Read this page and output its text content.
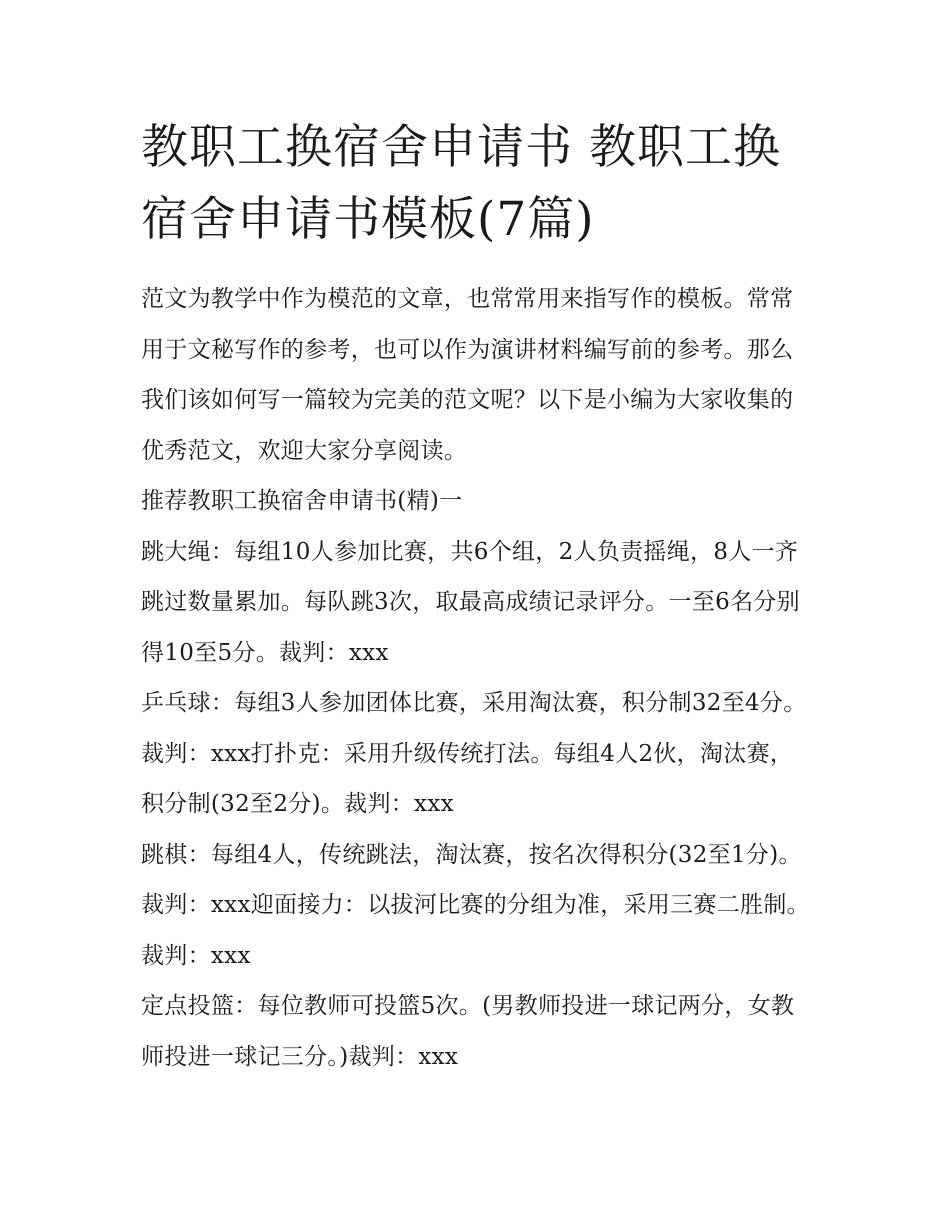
教职工换宿舍申请书 教职工换宿舍申请书模板(7篇)

范文为教学中作为模范的文章，也常常用来指写作的模板。常常用于文秘写作的参考，也可以作为演讲材料编写前的参考。那么我们该如何写一篇较为完美的范文呢？以下是小编为大家收集的优秀范文，欢迎大家分享阅读。

推荐教职工换宿舍申请书(精)一

跳大绳：每组10人参加比赛，共6个组，2人负责摇绳，8人一齐跳过数量累加。每队跳3次，取最高成绩记录评分。一至6名分别得10至5分。裁判：xxx

乒乓球：每组3人参加团体比赛，采用淘汰赛，积分制32至4分。裁判：xxx打扑克：采用升级传统打法。每组4人2伙，淘汰赛，积分制(32至2分)。裁判：xxx

跳棋：每组4人，传统跳法，淘汰赛，按名次得积分(32至1分)。裁判：xxx迎面接力：以拔河比赛的分组为准，采用三赛二胜制。裁判：xxx

定点投篮：每位教师可投篮5次。(男教师投进一球记两分，女教师投进一球记三分。)裁判：xxx
